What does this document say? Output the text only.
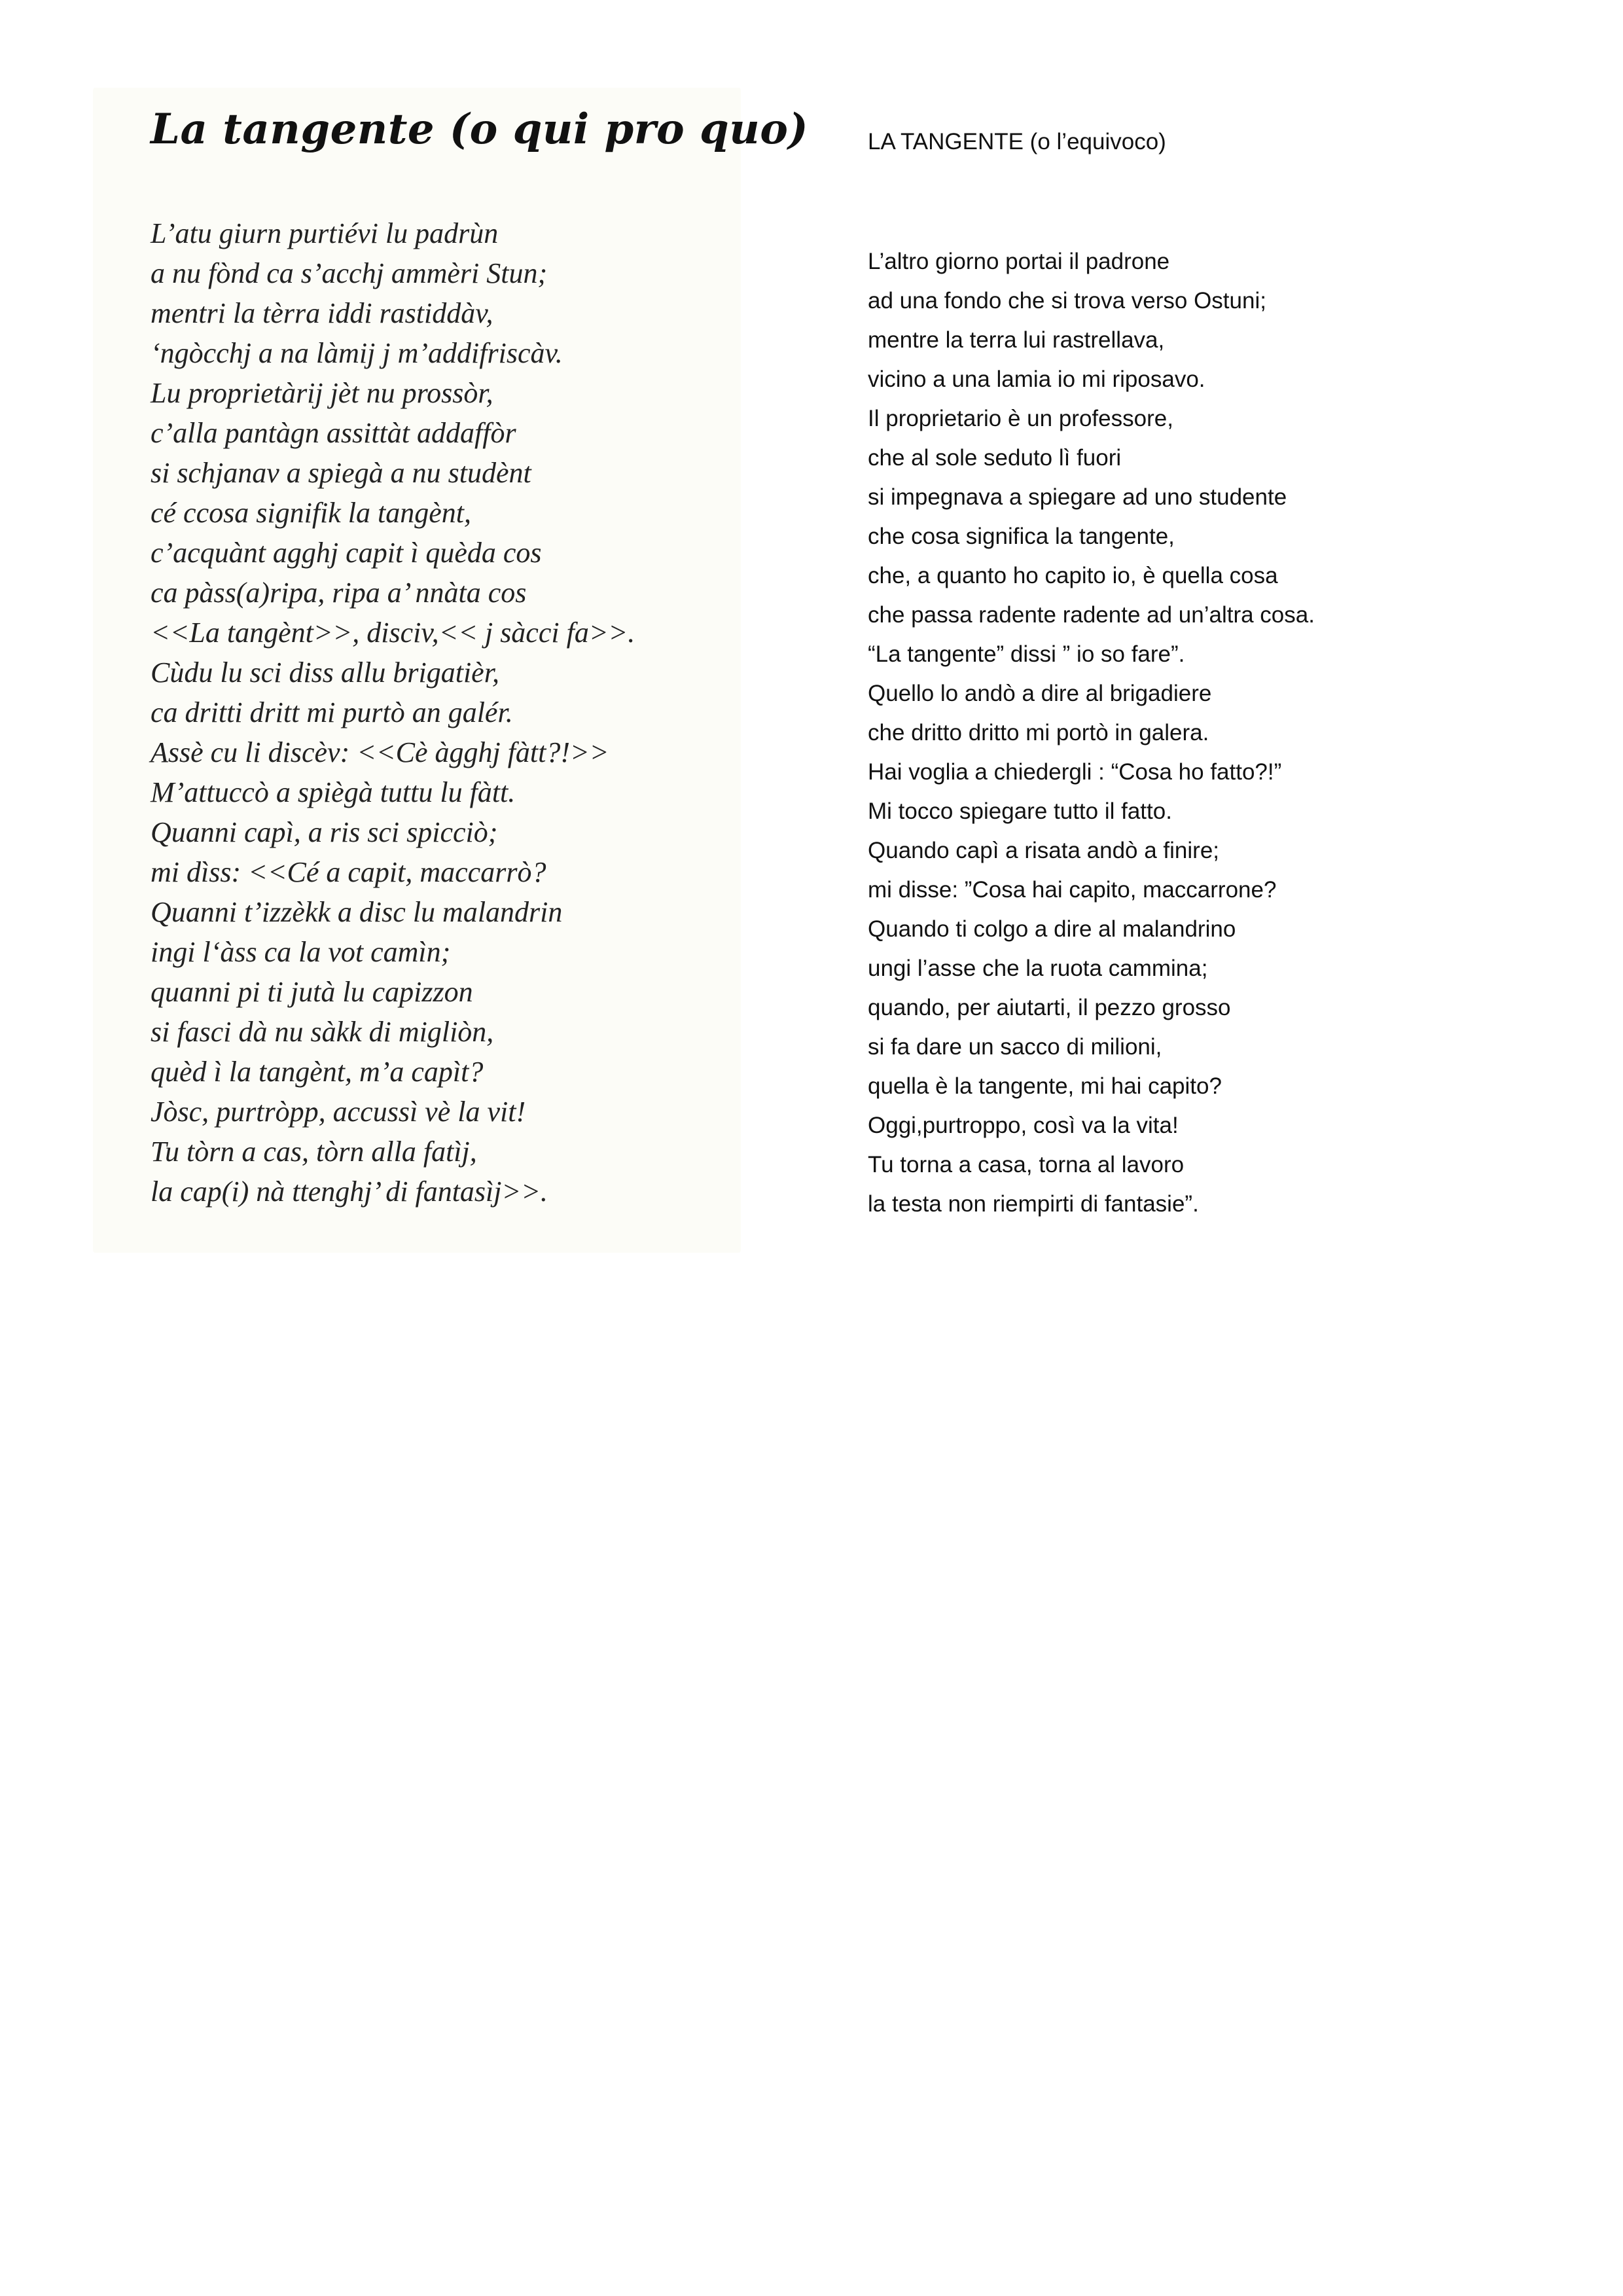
La tangente (o qui pro quo)
L’atu giurn purtiévi lu padrùn
a nu fònd ca s’acchj ammèri Stun;
mentri la tèrra iddi rastiddàv,
‘ngòcchj a na làmij j m’addifriscàv.
Lu proprietàrij jèt nu prossòr,
c’alla pantàgn assittàt addaffòr
si schjanav a spiegà a nu studènt
cé ccosa signifik la tangènt,
c’acquànt agghj capit ì quèda cos
ca pàss(a)ripa, ripa a’ nnàta cos
<<La tangènt>>, disciv,<< j sàcci fa>>.
Cùdu lu sci diss allu brigatièr,
ca dritti dritt mi purtò an galér.
Assè cu li discèv: <<Cè àgghj fàtt?!>>
M’attuccò a spiègà tuttu lu fàtt.
Quanni capì, a ris sci spicciò;
mi dìss: <<Cé a capit, maccarrò?
Quanni t’izzèkk a disc lu malandrin
ingi l‘àss ca la vot camìn;
quanni pi ti jutà lu capizzon
si fasci dà nu sàkk di migliòn,
quèd ì la tangènt, m’a capìt?
Jòsc, purtròpp, accussì vè la vit!
Tu tòrn a cas, tòrn alla fatìj,
la cap(i) nà ttenghj’ di fantasìj>>.
LA TANGENTE (o l’equivoco)
L’altro giorno portai il padrone
ad una fondo che si trova verso Ostuni;
mentre la terra lui rastrellava,
vicino a una lamia io mi riposavo.
Il proprietario è un professore,
che al sole seduto lì fuori
si impegnava a spiegare ad uno studente
che cosa significa la tangente,
che, a quanto ho capito io, è quella cosa
che passa radente radente ad un’altra cosa.
“La tangente” dissi ” io so fare”.
Quello lo andò a dire al brigadiere
che dritto dritto mi portò in galera.
Hai voglia a chiedergli : “Cosa ho fatto?!”
Mi tocco spiegare tutto il fatto.
Quando capì a risata andò a finire;
mi disse: ”Cosa hai capito, maccarrone?
Quando ti colgo a dire al malandrino
ungi l’asse che la ruota cammina;
quando, per aiutarti, il pezzo grosso
si fa dare un sacco di milioni,
quella è la tangente, mi hai capito?
Oggi,purtroppo, così va la vita!
Tu torna a casa, torna al lavoro
la testa non riempirti di fantasie”.
